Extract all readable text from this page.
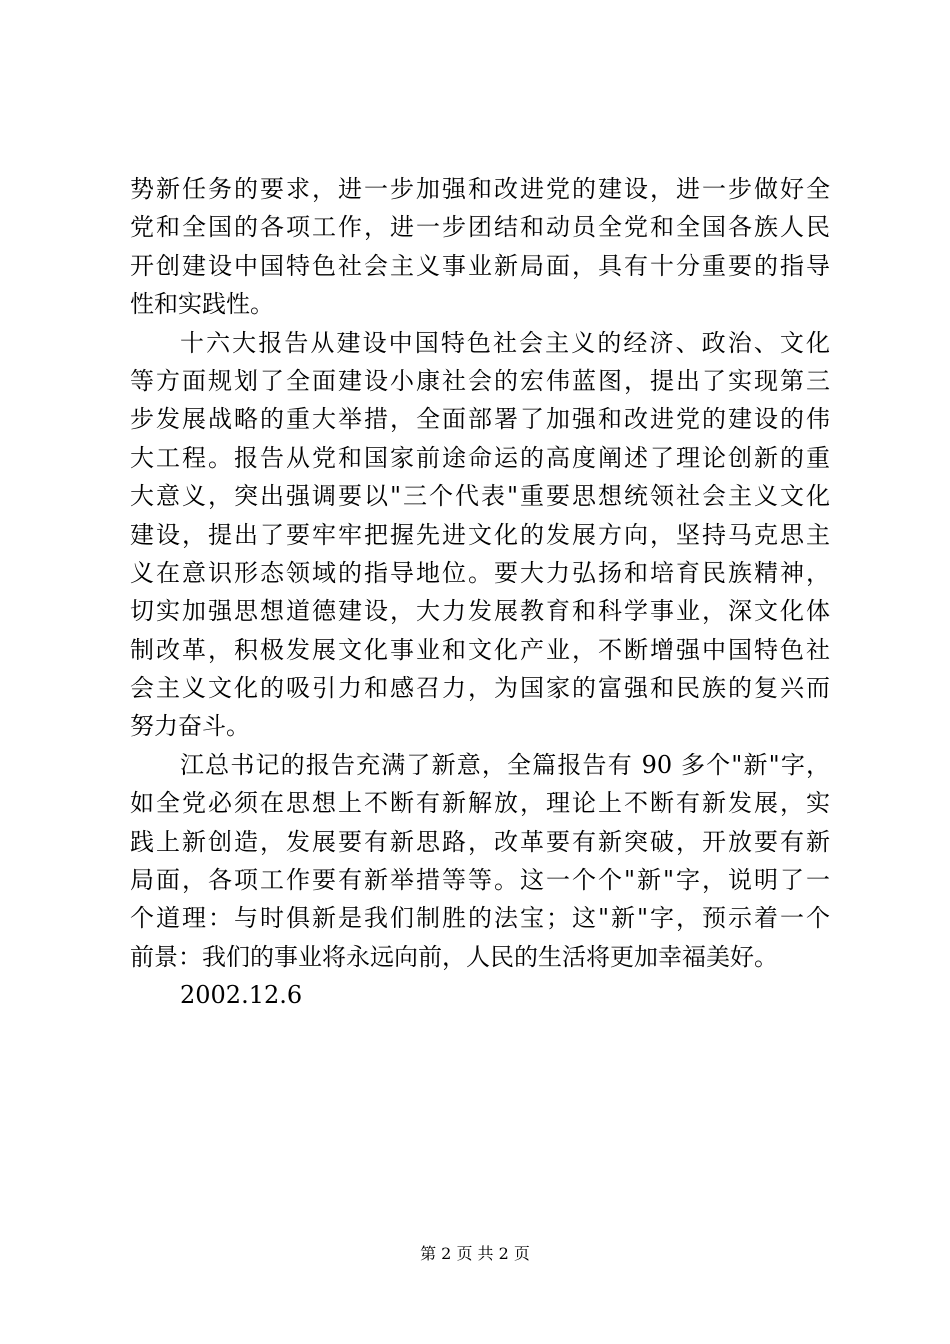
势新任务的要求，进一步加强和改进党的建设，进一步做好全
党和全国的各项工作，进一步团结和动员全党和全国各族人民
开创建设中国特色社会主义事业新局面，具有十分重要的指导
性和实践性。
十六大报告从建设中国特色社会主义的经济、政治、文化
等方面规划了全面建设小康社会的宏伟蓝图，提出了实现第三
步发展战略的重大举措，全面部署了加强和改进党的建设的伟
大工程。报告从党和国家前途命运的高度阐述了理论创新的重
大意义，突出强调要以"三个代表"重要思想统领社会主义文化
建设，提出了要牢牢把握先进文化的发展方向，坚持马克思主
义在意识形态领域的指导地位。要大力弘扬和培育民族精神，
切实加强思想道德建设，大力发展教育和科学事业，深文化体
制改革，积极发展文化事业和文化产业，不断增强中国特色社
会主义文化的吸引力和感召力，为国家的富强和民族的复兴而
努力奋斗。
江总书记的报告充满了新意，全篇报告有 90 多个"新"字，
如全党必须在思想上不断有新解放，理论上不断有新发展，实
践上新创造，发展要有新思路，改革要有新突破，开放要有新
局面，各项工作要有新举措等等。这一个个"新"字，说明了一
个道理：与时俱新是我们制胜的法宝；这"新"字，预示着一个
前景：我们的事业将永远向前，人民的生活将更加幸福美好。
2002.12.6
第 2 页 共 2 页
